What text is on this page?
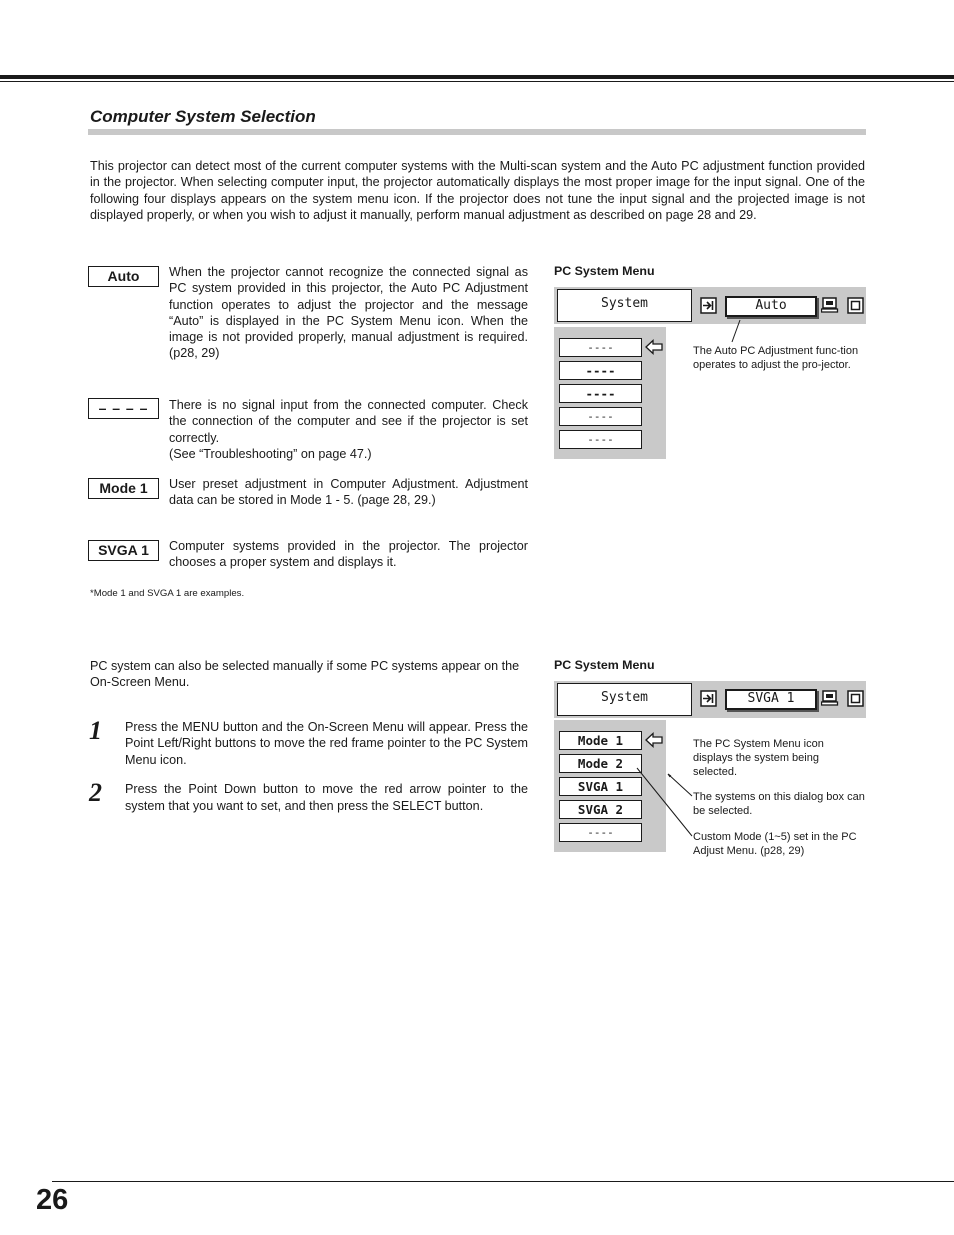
Computer System Selection
This projector can detect most of the current computer systems with the Multi-scan system and the Auto PC adjustment function provided in the projector. When selecting computer input, the projector automatically displays the most proper image for the input signal. One of the following four displays appears on the system menu icon. If the projector does not tune the input signal and the projected image is not displayed properly, or when you wish to adjust it manually, perform manual adjustment as described on page 28 and 29.
Auto	When the projector cannot recognize the connected signal as PC system provided in this projector, the Auto PC Adjustment function operates to adjust the projector and the message “Auto” is displayed in the PC System Menu icon. When the image is not provided properly, manual adjustment is required. (p28, 29)
– – – –	There is no signal input from the connected computer. Check the connection of the computer and see if the projector is set correctly.
(See “Troubleshooting” on page 47.)
Mode 1	User preset adjustment in Computer Adjustment. Adjustment data can be stored in Mode 1 - 5. (page 28, 29.)
SVGA 1	Computer systems provided in the projector. The projector chooses a proper system and displays it.
*Mode 1 and SVGA 1 are examples.
PC System Menu
System	Auto
----
----
----
----
----
The Auto PC Adjustment func-tion operates to adjust the pro-jector.
PC system can also be selected manually if some PC systems appear on the On-Screen Menu.
1 Press the MENU button and the On-Screen Menu will appear. Press the Point Left/Right buttons to move the red frame pointer to the PC System Menu icon.
2 Press the Point Down button to move the red arrow pointer to the system that you want to set, and then press the SELECT button.
PC System Menu
System	SVGA 1
Mode 1
Mode 2
SVGA 1
SVGA 2
----
The PC System Menu icon displays the system being selected.
The systems on this dialog box can be selected.
Custom Mode (1~5) set in the PC Adjust Menu. (p28, 29)
26
